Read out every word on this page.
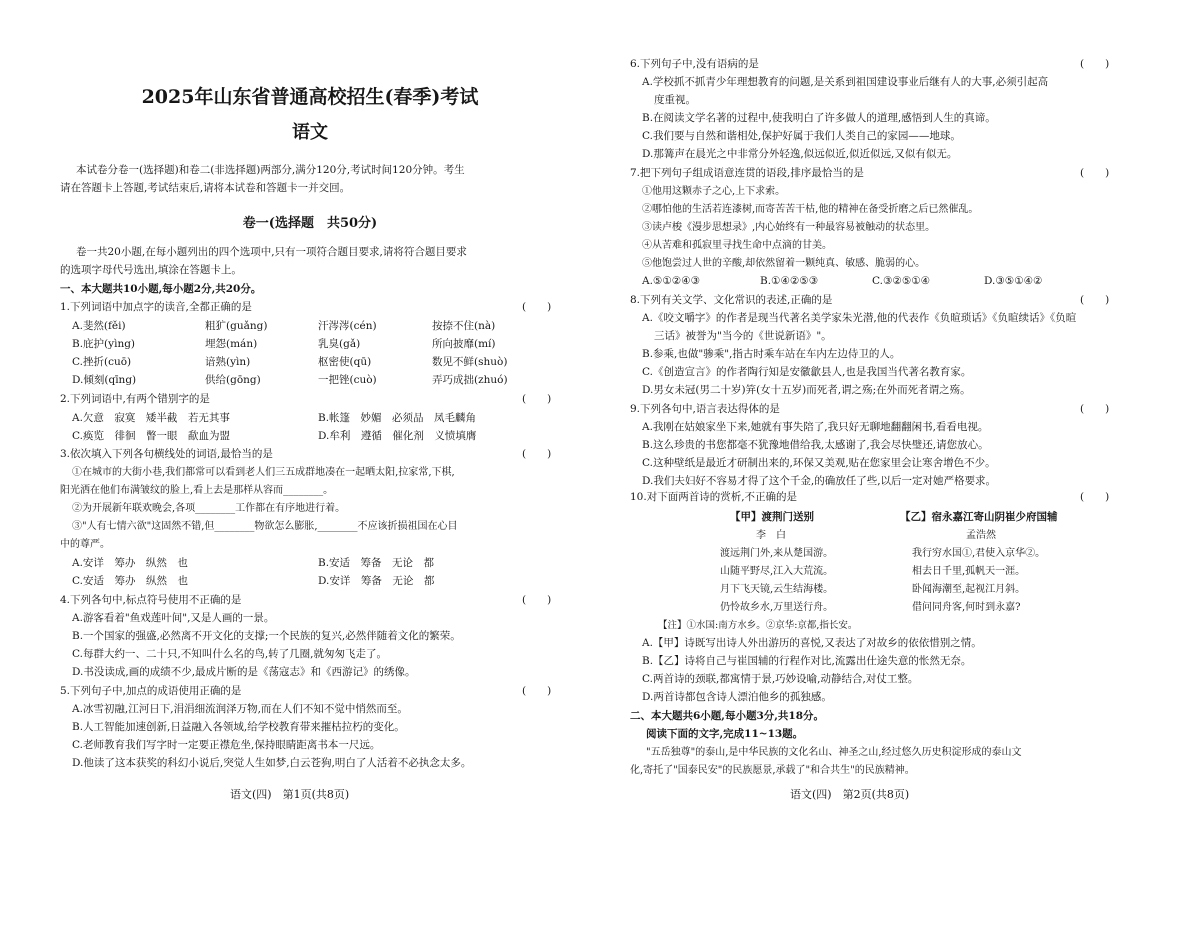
2025年山东省普通高校招生(春季)考试
语文
本试卷分卷一(选择题)和卷二(非选择题)两部分,满分120分,考试时间120分钟。考生
请在答题卡上答题,考试结束后,请将本试卷和答题卡一并交回。
卷一(选择题　共50分)
卷一共20小题,在每小题列出的四个选项中,只有一项符合题目要求,请将符合题目要求
的选项字母代号选出,填涂在答题卡上。
一、本大题共10小题,每小题2分,共20分。
1.下列词语中加点字的读音,全都正确的是	(　　)
A.斐然(fěi)	粗犷(guǎng)	汗涔涔(cén)	按捺不住(nà)
B.庇护(yìng)	埋怨(mán)	乳臭(gǎ)	所向披靡(mí)
C.挫折(cuō)	谙熟(yìn)	枢密使(qū)	数见不鲜(shuò)
D.倾刻(qīng)	供给(gōng)	一把锉(cuò)	弄巧成拙(zhuó)
2.下列词语中,有两个错别字的是	(　　)
A.欠意　寂寞　矮半截　若无其事	B.帐篷　妙媚　必须品　凤毛麟角
C.痪览　徘徊　瞥一眼　歃血为盟	D.牟利　遵循　催化剂　义愤填膺
3.依次填入下列各句横线处的词语,最恰当的是	(　　)
①在城市的大街小巷,我们都常可以看到老人们三五成群地凑在一起晒太阳,拉家常,下棋,
阳光洒在他们布满皱纹的脸上,看上去是那样从容而________。
②为开展新年联欢晚会,各项________工作都在有序地进行着。
③"人有七情六欲"这固然不错,但________物欲怎么膨胀,________不应该折损祖国在心目
中的尊严。
A.安详　筹办　纵然　也	B.安适　筹备　无论　都
C.安适　筹办　纵然　也	D.安详　筹备　无论　都
4.下列各句中,标点符号使用不正确的是	(　　)
A.游客看着"鱼戏莲叶间",又是人画的一景。
B.一个国家的强盛,必然离不开文化的支撑;一个民族的复兴,必然伴随着文化的繁荣。
C.每群大约一、二十只,不知叫什么名的鸟,转了几圈,就匆匆飞走了。
D.书没读成,画的成绩不少,最成片断的是《荡寇志》和《西游记》的绣像。
5.下列句子中,加点的成语使用正确的是	(　　)
A.冰雪初融,江河日下,涓涓细流润泽万物,而在人们不知不觉中悄然而至。
B.人工智能加速创新,日益融入各领域,给学校教育带来摧枯拉朽的变化。
C.老师教育我们写字时一定要正襟危坐,保持眼睛距离书本一尺远。
D.他读了这本获奖的科幻小说后,突觉人生如梦,白云苍狗,明白了人活着不必执念太多。
语文(四)　第1页(共8页)
6.下列句子中,没有语病的是	(　　)
A.学校抓不抓青少年理想教育的问题,是关系到祖国建设事业后继有人的大事,必须引起高
度重视。
B.在阅读文学名著的过程中,使我明白了许多做人的道理,感悟到人生的真谛。
C.我们要与自然和谐相处,保护好属于我们人类自己的家园——地球。
D.那篝声在晨光之中非常分外轻逸,似远似近,似近似远,又似有似无。
7.把下列句子组成语意连贯的语段,排序最恰当的是	(　　)
①他用这颗赤子之心,上下求索。
②哪怕他的生活若连漆树,而寄苦苦干枯,他的精神在备受折磨之后已然催乱。
③读卢梭《漫步思想录》,内心始终有一种最容易被触动的状态里。
④从苦难和孤寂里寻找生命中点滴的甘美。
⑤他饱尝过人世的辛酸,却依然留着一颗纯真、敏感、脆弱的心。
A.⑤①②④③	B.①④②⑤③	C.③②⑤①④	D.③⑤①④②
8.下列有关文学、文化常识的表述,正确的是	(　　)
A.《咬文嚼字》的作者是现当代著名美学家朱光潜,他的代表作《负暄琐话》《负暄续话》《负暄
三话》被誉为"当今的《世说新语》"。
B.参乘,也做"骖乘",指古时乘车站在车内左边侍卫的人。
C.《创造宣言》的作者陶行知是安徽歙县人,也是我国当代著名教育家。
D.男女未冠(男二十岁)笄(女十五岁)而死者,谓之殇;在外而死者谓之殇。
9.下列各句中,语言表达得体的是	(　　)
A.我刚在姑娘家坐下来,她就有事失陪了,我只好无聊地翻翻闲书,看看电视。
B.这么珍贵的书您都毫不犹豫地借给我,太感谢了,我会尽快璧还,请您放心。
C.这种壁纸是最近才研制出来的,环保又美观,贴在您家里会让寒舍增色不少。
D.我们夫妇好不容易才得了这个千金,的确放任了些,以后一定对她严格要求。
10.对下面两首诗的赏析,不正确的是	(　　)
【甲】渡荆门送别
李　白
渡远荆门外,来从楚国游。
山随平野尽,江入大荒流。
月下飞天镜,云生结海楼。
仍怜故乡水,万里送行舟。
【乙】宿永嘉江寄山阴崔少府国辅
孟浩然
我行穷水国①,君使入京华②。
相去日千里,孤帆天一涯。
卧闻海潮至,起视江月斜。
借问同舟客,何时到永嘉?
【注】①水国:南方水乡。②京华:京都,指长安。
A.【甲】诗既写出诗人外出游历的喜悦,又表达了对故乡的依依惜别之情。
B.【乙】诗将自己与崔国辅的行程作对比,流露出仕途失意的怅然无奈。
C.两首诗的颈联,都寓情于景,巧妙设喻,动静结合,对仗工整。
D.两首诗都包含诗人漂泊他乡的孤独感。
二、本大题共6小题,每小题3分,共18分。
阅读下面的文字,完成11~13题。
"五岳独尊"的泰山,是中华民族的文化名山、神圣之山,经过悠久历史积淀形成的泰山文
化,寄托了"国泰民安"的民族愿景,承载了"和合共生"的民族精神。
语文(四)　第2页(共8页)
